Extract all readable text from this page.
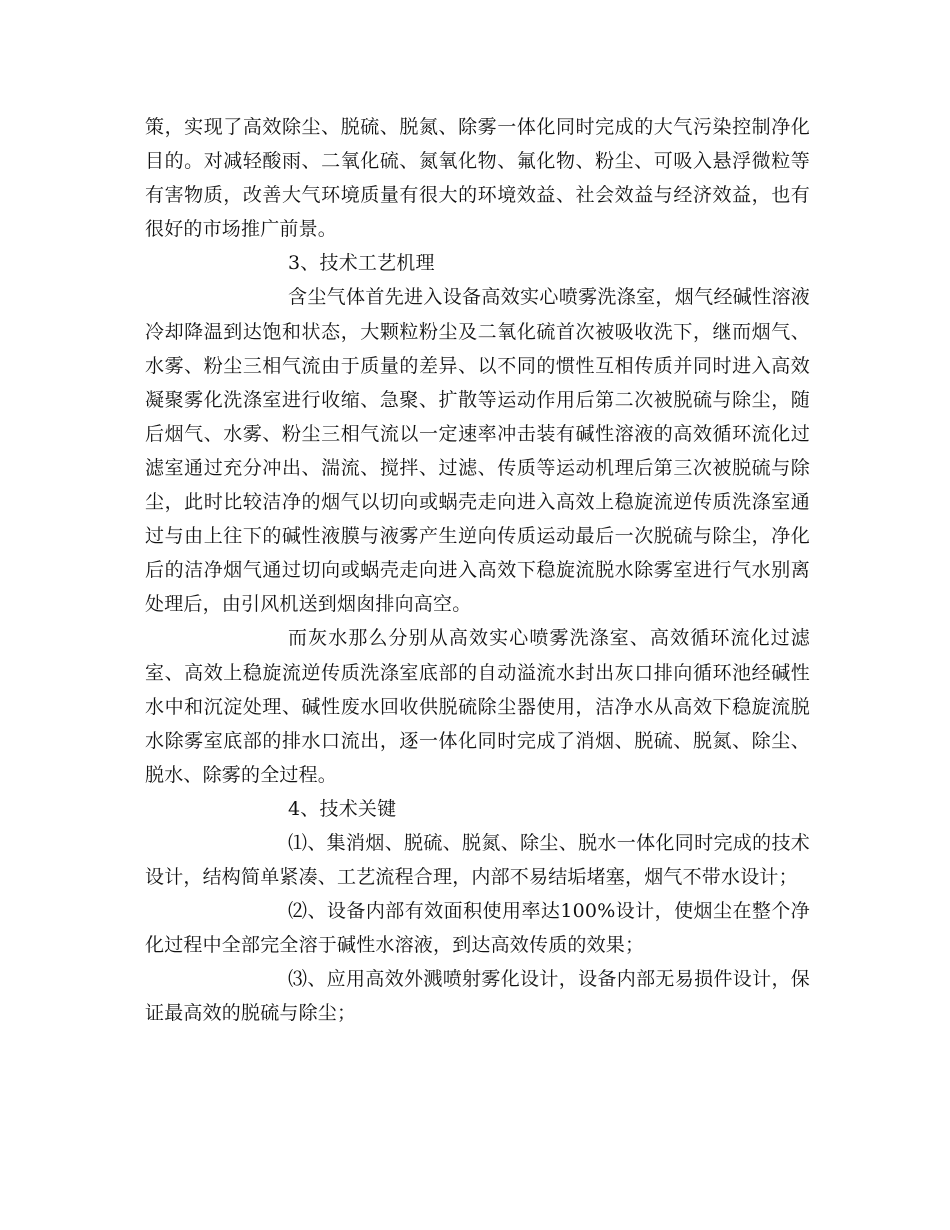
策，实现了高效除尘、脱硫、脱氮、除雾一体化同时完成的大气污染控制净化目的。对减轻酸雨、二氧化硫、氮氧化物、氟化物、粉尘、可吸入悬浮微粒等有害物质，改善大气环境质量有很大的环境效益、社会效益与经济效益，也有很好的市场推广前景。

3、技术工艺机理

含尘气体首先进入设备高效实心喷雾洗涤室，烟气经碱性溶液冷却降温到达饱和状态，大颗粒粉尘及二氧化硫首次被吸收洗下，继而烟气、水雾、粉尘三相气流由于质量的差异、以不同的惯性互相传质并同时进入高效凝聚雾化洗涤室进行收缩、急聚、扩散等运动作用后第二次被脱硫与除尘，随后烟气、水雾、粉尘三相气流以一定速率冲击装有碱性溶液的高效循环流化过滤室通过充分冲出、湍流、搅拌、过滤、传质等运动机理后第三次被脱硫与除尘，此时比较洁净的烟气以切向或蜗壳走向进入高效上稳旋流逆传质洗涤室通过与由上往下的碱性液膜与液雾产生逆向传质运动最后一次脱硫与除尘，净化后的洁净烟气通过切向或蜗壳走向进入高效下稳旋流脱水除雾室进行气水别离处理后，由引风机送到烟囱排向高空。

而灰水那么分别从高效实心喷雾洗涤室、高效循环流化过滤室、高效上稳旋流逆传质洗涤室底部的自动溢流水封出灰口排向循环池经碱性水中和沉淀处理、碱性废水回收供脱硫除尘器使用，洁净水从高效下稳旋流脱水除雾室底部的排水口流出，逐一体化同时完成了消烟、脱硫、脱氮、除尘、脱水、除雾的全过程。

4、技术关键

⑴、集消烟、脱硫、脱氮、除尘、脱水一体化同时完成的技术设计，结构简单紧凑、工艺流程合理，内部不易结垢堵塞，烟气不带水设计；

⑵、设备内部有效面积使用率达100%设计，使烟尘在整个净化过程中全部完全溶于碱性水溶液，到达高效传质的效果；

⑶、应用高效外溅喷射雾化设计，设备内部无易损件设计，保证最高效的脱硫与除尘；
